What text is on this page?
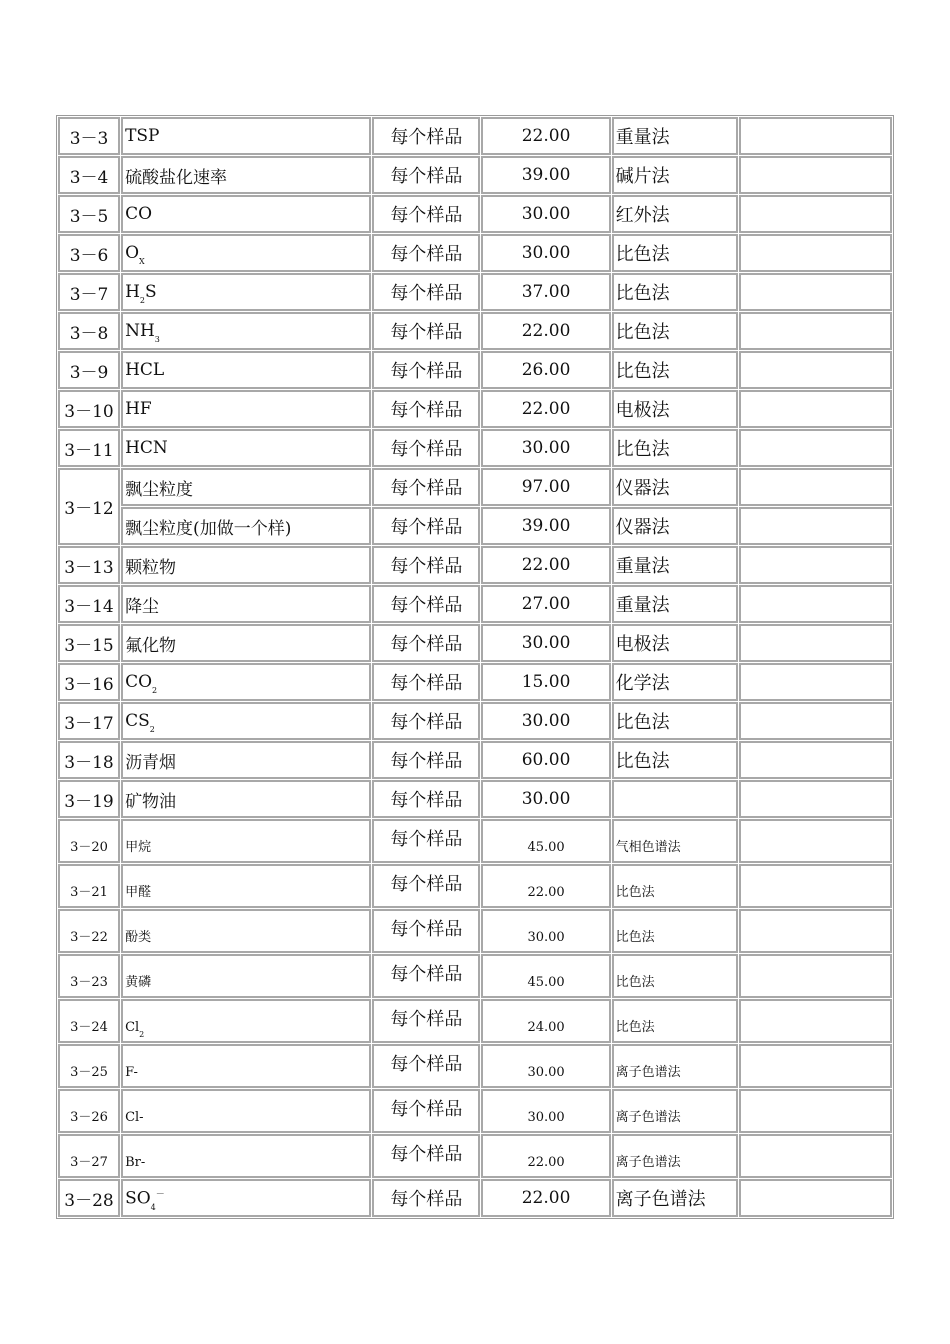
3－3	TSP	每个样品	22.00	重量法	
3－4	硫酸盐化速率	每个样品	39.00	碱片法	
3－5	CO	每个样品	30.00	红外法	
3－6	$O_X$	每个样品	30.00	比色法	
3－7	$H_2S$	每个样品	37.00	比色法	
3－8	$NH_3$	每个样品	22.00	比色法	
3－9	HCL	每个样品	26.00	比色法	
3－10	HF	每个样品	22.00	电极法	
3－11	HCN	每个样品	30.00	比色法	
3－12	飘尘粒度	每个样品	97.00	仪器法	
	飘尘粒度(加做一个样)	每个样品	39.00	仪器法	
3－13	颗粒物	每个样品	22.00	重量法	
3－14	降尘	每个样品	27.00	重量法	
3－15	氟化物	每个样品	30.00	电极法	
3－16	$CO_2$	每个样品	15.00	化学法	
3－17	$CS_2$	每个样品	30.00	比色法	
3－18	沥青烟	每个样品	60.00	比色法	
3－19	矿物油	每个样品	30.00		
3－20	甲烷	每个样品	45.00	气相色谱法	
3－21	甲醛	每个样品	22.00	比色法	
3－22	酚类	每个样品	30.00	比色法	
3－23	黄磷	每个样品	45.00	比色法	
3－24	$Cl_2$	每个样品	24.00	比色法	
3－25	F-	每个样品	30.00	离子色谱法	
3－26	Cl-	每个样品	30.00	离子色谱法	
3－27	Br-	每个样品	22.00	离子色谱法	
3－28	$SO_4^-$	每个样品	22.00	离子色谱法	
